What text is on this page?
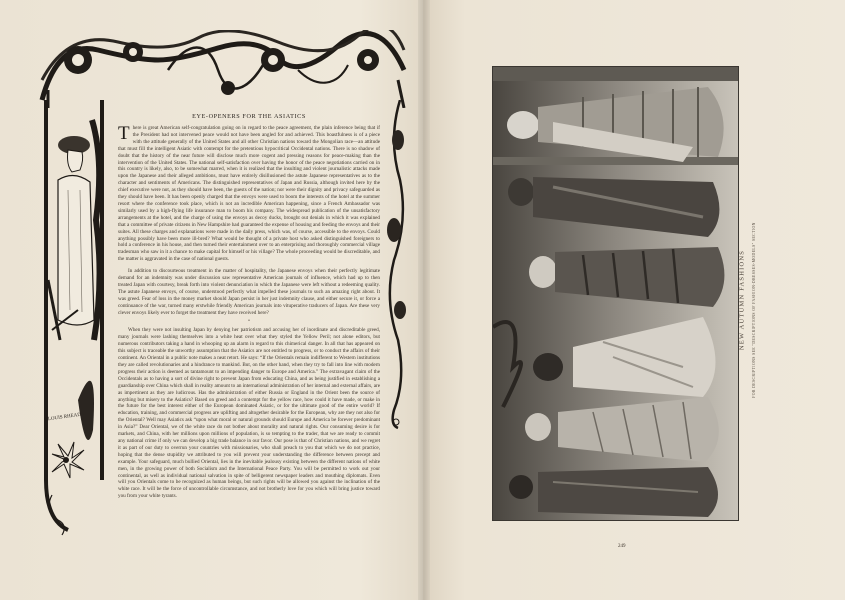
LOUIS RHEAD
EYE-OPENERS FOR THE ASIATICS

There is great American self-congratulation going on in regard to the peace agreement, the plain inference being that if the President had not intervened peace would not have been angled for and achieved. This boastfulness is of a piece with the attitude generally of the United States and all other Christian nations toward the Mongolian race—an attitude that must fill the intelligent Asiatic with contempt for the pretentious hypocritical Occidental nations. There is no shadow of doubt that the history of the near future will disclose much more cogent and pressing reasons for peace-making than the intervention of the United States. The national self-satisfaction over having the honor of the peace negotiations carried on in this country is likely, also, to be somewhat marred, when it is realized that the insulting and violent journalistic attacks made upon the Japanese and their alleged ambitions, must have entirely disillusioned the astute Japanese representatives as to the character and sentiments of Americans. The distinguished representatives of Japan and Russia, although invited here by the chief executive were not, as they should have been, the guests of the nation; nor were their dignity and privacy safeguarded as they should have been. It has been openly charged that the envoys were used to boom the interests of the hotel at the summer resort where the conference took place, which is not an incredible American happening, since a French Ambassador was similarly used by a high-flying life insurance man to boom his company. The widespread publication of the unsatisfactory arrangements at the hotel, and the charge of using the envoys as decoy ducks, brought out denials in which it was explained that a committee of private citizens in New Hampshire had guaranteed the expense of housing and feeding the envoys and their suites. All these charges and explanations were made in the daily press, which was, of course, accessible to the envoys. Could anything possibly have been more ill-bred? What would be thought of a private host who asked distinguished foreigners to hold a conference in his house, and then turned their entertainment over to an enterprising and thoroughly commercial village tradesman who saw in it a chance to make capital for himself or his village? The whole proceeding would be discreditable, and the matter is aggravated in the case of national guests.

In addition to discourteous treatment in the matter of hospitality, the Japanese envoys when their perfectly legitimate demand for an indemnity was under discussion saw representative American journals of influence, which had up to then treated Japan with courtesy, break forth into violent denunciation in which the Japanese were left without a redeeming quality. The astute Japanese envoys, of course, understood perfectly what impelled these journals to such an amazing right about. It was greed. Fear of loss in the money market should Japan persist in her just indemnity clause, and either secure it, or force a continuance of the war, turned many erstwhile friendly American journals into vituperative traducers of Japan. Are these very clever envoys likely ever to forget the treatment they have received here?

•

When they were not insulting Japan by denying her patriotism and accusing her of inordinate and discreditable greed, many journals were lashing themselves into a white heat over what they styled the Yellow Peril; not alone editors, but numerous contributors taking a hand in whooping up an alarm in regard to this chimerical danger. In all that has appeared on this subject is traceable the unworthy assumption that the Asiatics are not entitled to progress, or to conduct the affairs of their continent. An Oriental in a public note makes a neat retort. He says: “If the Orientals remain indifferent to Western institutions they are called revolutionaries and a hindrance to mankind. But, on the other hand, when they try to fall into line with modern progress their action is deemed as tantamount to an impending danger to Europe and America.” The extravagant claim of the Occidentals as to having a sort of divine right to prevent Japan from educating China, and as being justified in establishing a guardianship over China which shall in reality amount to an international administration of her internal and external affairs, are as impertinent as they are ludicrous. Has the administration of either Russia or England in the Orient been the source of anything but misery to the Asiatics? Based on greed and a contempt for the yellow race, how could it have made, or make in the future for the best interest either of the European dominated Asiatic, or for the ultimate good of the entire world? If education, training, and commercial progress are uplifting and altogether desirable for the European, why are they not also for the Oriental? Well may Asiatics ask “upon what moral or natural grounds should Europe and America be forever predominant in Asia?” Dear Oriental, we of the white race do not bother about morality and natural rights. Our consuming desire is for markets, and China, with her millions upon millions of population, is so tempting to the trader, that we are ready to commit any national crime if only we can develop a big trade balance in our favor. Our pose is that of Christian nations, and we regret it as part of our duty to overrun your countries with missionaries, who shall preach to you that which we do not practice, hoping that the dense stupidity we attributed to you will prevent your understanding the difference between precept and example. Your safeguard, much bullied Oriental, lies in the inevitable jealousy existing between the different nations of white men, in the growing power of both Socialism and the International Peace Party. You will be permitted to work out your continental, as well as individual national salvation in spite of belligerent newspaper leaders and mouthing diplomats. Even will you Orientals come to be recognized as human beings, but such rights will be allowed you against the inclination of the white race. It will be the force of uncontrollable circumstance, and not brotherly love for you which will bring justice toward you from your white tyrants.

NEW AUTUMN FASHIONS FOR DESCRIPTIONS SEE "DESCRIPTIONS OF FASHION-DRESSES-MODELS" SECTION
249
